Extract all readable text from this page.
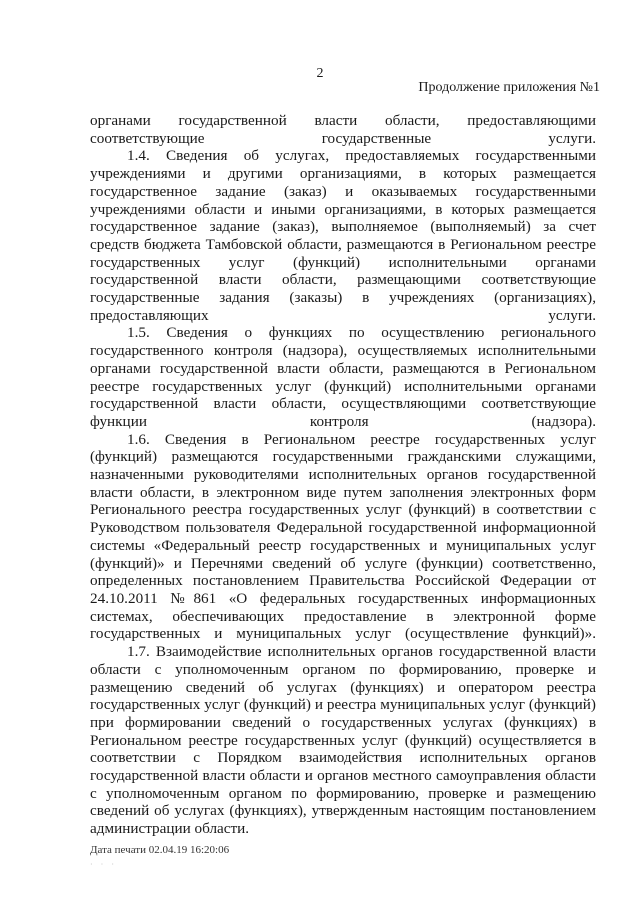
2
Продолжение приложения №1

органами государственной власти области, предоставляющими соответствующие государственные услуги.

1.4. Сведения об услугах, предоставляемых государственными учреждениями и другими организациями, в которых размещается государственное задание (заказ) и оказываемых государственными учреждениями области и иными организациями, в которых размещается государственное задание (заказ), выполняемое (выполняемый) за счет средств бюджета Тамбовской области, размещаются в Региональном реестре государственных услуг (функций) исполнительными органами государственной власти области, размещающими соответствующие государственные задания (заказы) в учреждениях (организациях), предоставляющих услуги.

1.5. Сведения о функциях по осуществлению регионального государственного контроля (надзора), осуществляемых исполнительными органами государственной власти области, размещаются в Региональном реестре государственных услуг (функций) исполнительными органами государственной власти области, осуществляющими соответствующие функции контроля (надзора).

1.6. Сведения в Региональном реестре государственных услуг (функций) размещаются государственными гражданскими служащими, назначенными руководителями исполнительных органов государственной власти области, в электронном виде путем заполнения электронных форм Регионального реестра государственных услуг (функций) в соответствии с Руководством пользователя Федеральной государственной информационной системы «Федеральный реестр государственных и муниципальных услуг (функций)» и Перечнями сведений об услуге (функции) соответственно, определенных постановлением Правительства Российской Федерации от 24.10.2011 №861 «О федеральных государственных информационных системах, обеспечивающих предоставление в электронной форме государственных и муниципальных услуг (осуществление функций)».

1.7. Взаимодействие исполнительных органов государственной власти области с уполномоченным органом по формированию, проверке и размещению сведений об услугах (функциях) и оператором реестра государственных услуг (функций) и реестра муниципальных услуг (функций) при формировании сведений о государственных услугах (функциях) в Региональном реестре государственных услуг (функций) осуществляется в соответствии с Порядком взаимодействия исполнительных органов государственной власти области и органов местного самоуправления области с уполномоченным органом по формированию, проверке и размещению сведений об услугах (функциях), утвержденным настоящим постановлением администрации области.

Дата печати 02.04.19 16:20:06
· · ·
